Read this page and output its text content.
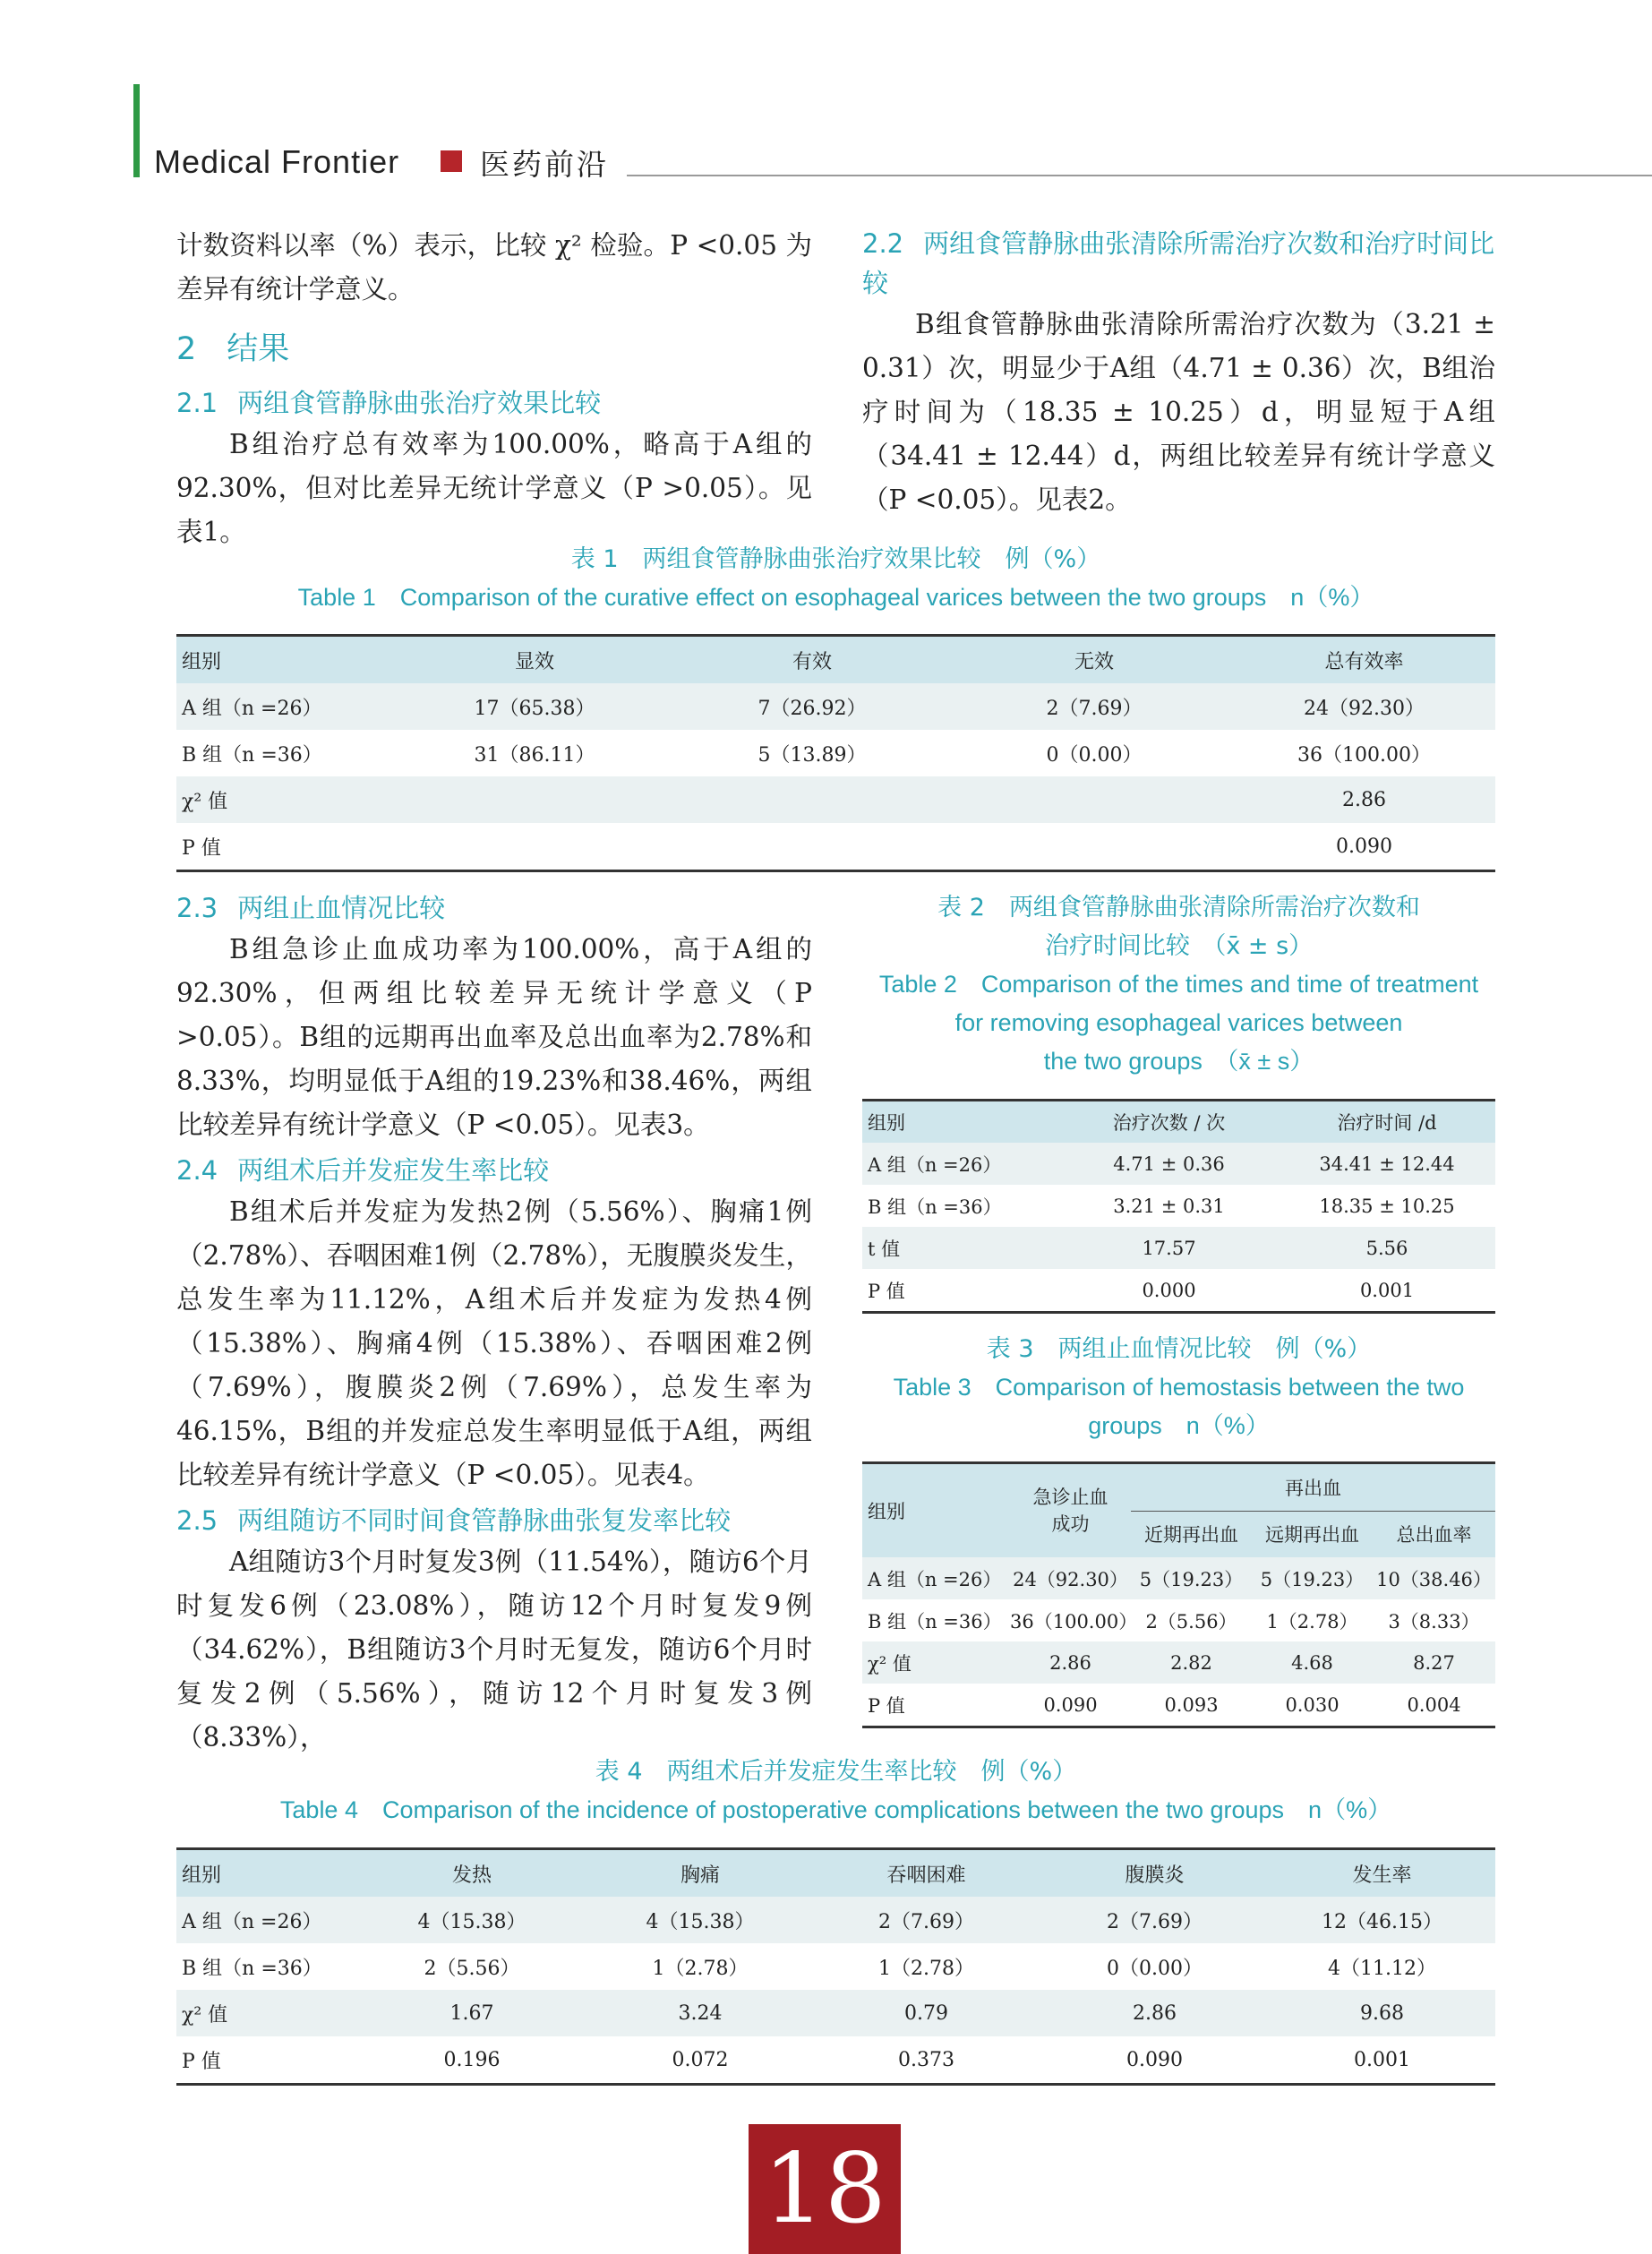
Medical Frontier	医药前沿

计数资料以率（%）表示，比较 χ² 检验。P <0.05 为差异有统计学意义。

2 结果

2.1 两组食管静脉曲张治疗效果比较

B组治疗总有效率为100.00%，略高于A组的92.30%，但对比差异无统计学意义（P >0.05）。见表1。

2.2 两组食管静脉曲张清除所需治疗次数和治疗时间比较

B组食管静脉曲张清除所需治疗次数为（3.21 ± 0.31）次，明显少于A组（4.71 ± 0.36）次，B组治疗时间为（18.35 ± 10.25）d，明显短于A组（34.41 ± 12.44）d，两组比较差异有统计学意义（P <0.05）。见表2。

表 1　两组食管静脉曲张治疗效果比较　例（%）
Table 1　Comparison of the curative effect on esophageal varices between the two groups　n（%）
组别	显效	有效	无效	总有效率
A 组（n =26）	17（65.38）	7（26.92）	2（7.69）	24（92.30）
B 组（n =36）	31（86.11）	5（13.89）	0（0.00）	36（100.00）
χ² 值				2.86
P 值				0.090

2.3 两组止血情况比较

B组急诊止血成功率为100.00%，高于A组的92.30%，但两组比较差异无统计学意义（P >0.05）。B组的远期再出血率及总出血率为2.78%和8.33%，均明显低于A组的19.23%和38.46%，两组比较差异有统计学意义（P <0.05）。见表3。

2.4 两组术后并发症发生率比较

B组术后并发症为发热2例（5.56%）、胸痛1例（2.78%）、吞咽困难1例（2.78%），无腹膜炎发生，总发生率为11.12%，A组术后并发症为发热4例（15.38%）、胸痛4例（15.38%）、吞咽困难2例（7.69%），腹膜炎2例（7.69%），总发生率为46.15%，B组的并发症总发生率明显低于A组，两组比较差异有统计学意义（P <0.05）。见表4。

2.5 两组随访不同时间食管静脉曲张复发率比较

A组随访3个月时复发3例（11.54%），随访6个月时复发6例（23.08%），随访12个月时复发9例（34.62%），B组随访3个月时无复发，随访6个月时复发2例（5.56%），随访12个月时复发3例（8.33%），

表 2　两组食管静脉曲张清除所需治疗次数和
治疗时间比较　（x̄ ± s）
Table 2　Comparison of the times and time of treatment
for removing esophageal varices between
the two groups　（x̄ ± s）
组别	治疗次数 / 次	治疗时间 /d
A 组（n =26）	4.71 ± 0.36	34.41 ± 12.44
B 组（n =36）	3.21 ± 0.31	18.35 ± 10.25
t 值	17.57	5.56
P 值	0.000	0.001
表 3　两组止血情况比较　例（%）
Table 3　Comparison of hemostasis between the two
groups　n（%）
组别	急诊止血成功	再出血		
		近期再出血	远期再出血	总出血率
A 组（n =26）	24（92.30）	5（19.23）	5（19.23）	10（38.46）
B 组（n =36）	36（100.00）	2（5.56）	1（2.78）	3（8.33）
χ² 值	2.86	2.82	4.68	8.27
P 值	0.090	0.093	0.030	0.004
表 4　两组术后并发症发生率比较　例（%）
Table 4　Comparison of the incidence of postoperative complications between the two groups　n（%）
组别	发热	胸痛	吞咽困难	腹膜炎	发生率
A 组（n =26）	4（15.38）	4（15.38）	2（7.69）	2（7.69）	12（46.15）
B 组（n =36）	2（5.56）	1（2.78）	1（2.78）	0（0.00）	4（11.12）
χ² 值	1.67	3.24	0.79	2.86	9.68
P 值	0.196	0.072	0.373	0.090	0.001
18
